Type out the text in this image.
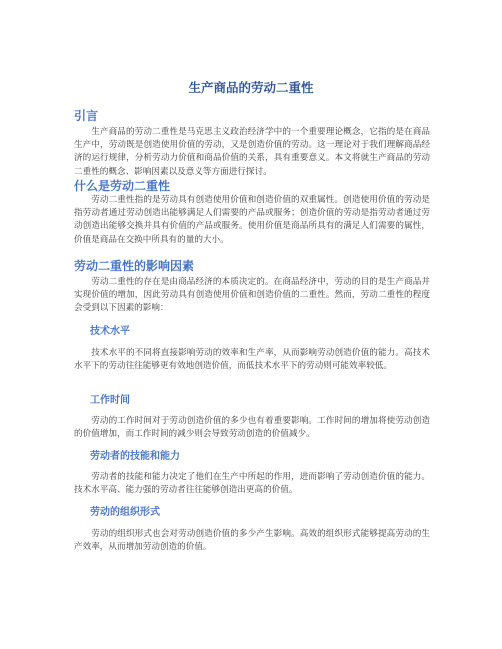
生产商品的劳动二重性
引言

生产商品的劳动二重性是马克思主义政治经济学中的一个重要理论概念，它指的是在商品生产中，劳动既是创造使用价值的劳动，又是创造价值的劳动。这一理论对于我们理解商品经济的运行规律，分析劳动力价值和商品价值的关系，具有重要意义。本文将就生产商品的劳动二重性的概念、影响因素以及意义等方面进行探讨。

什么是劳动二重性

劳动二重性指的是劳动具有创造使用价值和创造价值的双重属性。创造使用价值的劳动是指劳动者通过劳动创造出能够满足人们需要的产品或服务；创造价值的劳动是指劳动者通过劳动创造出能够交换并具有价值的产品或服务。使用价值是商品所具有的满足人们需要的属性，价值是商品在交换中所具有的量的大小。

劳动二重性的影响因素

劳动二重性的存在是由商品经济的本质决定的。在商品经济中，劳动的目的是生产商品并实现价值的增加，因此劳动具有创造使用价值和创造价值的二重性。然而，劳动二重性的程度会受到以下因素的影响：

技术水平

技术水平的不同将直接影响劳动的效率和生产率，从而影响劳动创造价值的能力。高技术水平下的劳动往往能够更有效地创造价值，而低技术水平下的劳动则可能效率较低。

工作时间

劳动的工作时间对于劳动创造价值的多少也有着重要影响。工作时间的增加将使劳动创造的价值增加，而工作时间的减少则会导致劳动创造的价值减少。

劳动者的技能和能力

劳动者的技能和能力决定了他们在生产中所起的作用，进而影响了劳动创造价值的能力。技术水平高、能力强的劳动者往往能够创造出更高的价值。

劳动的组织形式

劳动的组织形式也会对劳动创造价值的多少产生影响。高效的组织形式能够提高劳动的生产效率，从而增加劳动创造的价值。
